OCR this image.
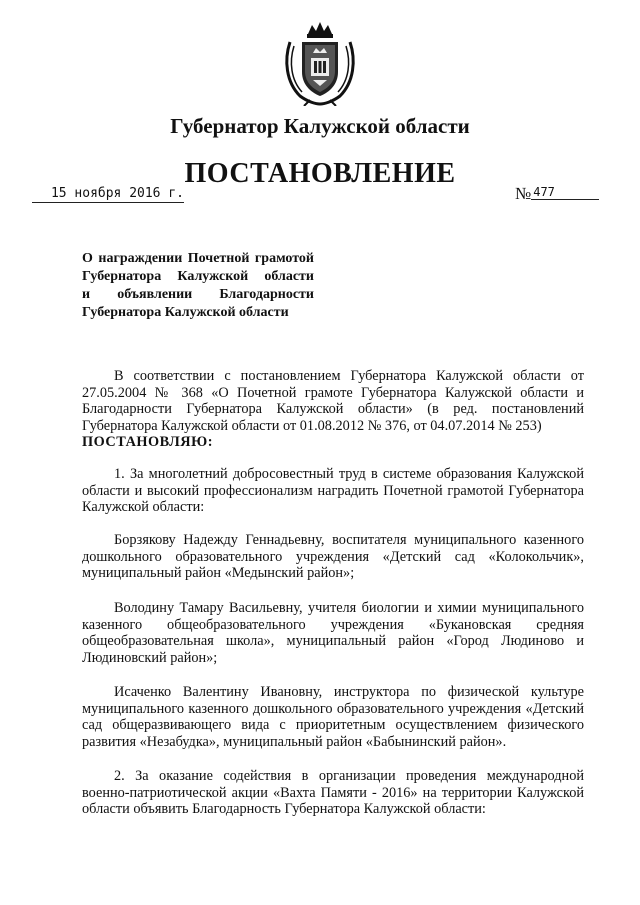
Губернатор Калужской области
ПОСТАНОВЛЕНИЕ
15 ноября 2016 г.	№ 477
О награждении Почетной грамотой
Губернатора Калужской области
и объявлении Благодарности
Губернатора Калужской области
В соответствии с постановлением Губернатора Калужской области от 27.05.2004 № 368 «О Почетной грамоте Губернатора Калужской области и Благодарности Губернатора Калужской области» (в ред. постановлений Губернатора Калужской области от 01.08.2012 № 376, от 04.07.2014 № 253)
ПОСТАНОВЛЯЮ:
1. За многолетний добросовестный труд в системе образования Калужской области и высокий профессионализм наградить Почетной грамотой Губернатора Калужской области:
Борзякову Надежду Геннадьевну, воспитателя муниципального казенного дошкольного образовательного учреждения «Детский сад «Колокольчик», муниципальный район «Медынский район»;
Володину Тамару Васильевну, учителя биологии и химии муниципального казенного общеобразовательного учреждения «Букановская средняя общеобразовательная школа», муниципальный район «Город Людиново и Людиновский район»;
Исаченко Валентину Ивановну, инструктора по физической культуре муниципального казенного дошкольного образовательного учреждения «Детский сад общеразвивающего вида с приоритетным осуществлением физического развития «Незабудка», муниципальный район «Бабынинский район».
2. За оказание содействия в организации проведения международной военно-патриотической акции «Вахта Памяти - 2016» на территории Калужской области объявить Благодарность Губернатора Калужской области:
